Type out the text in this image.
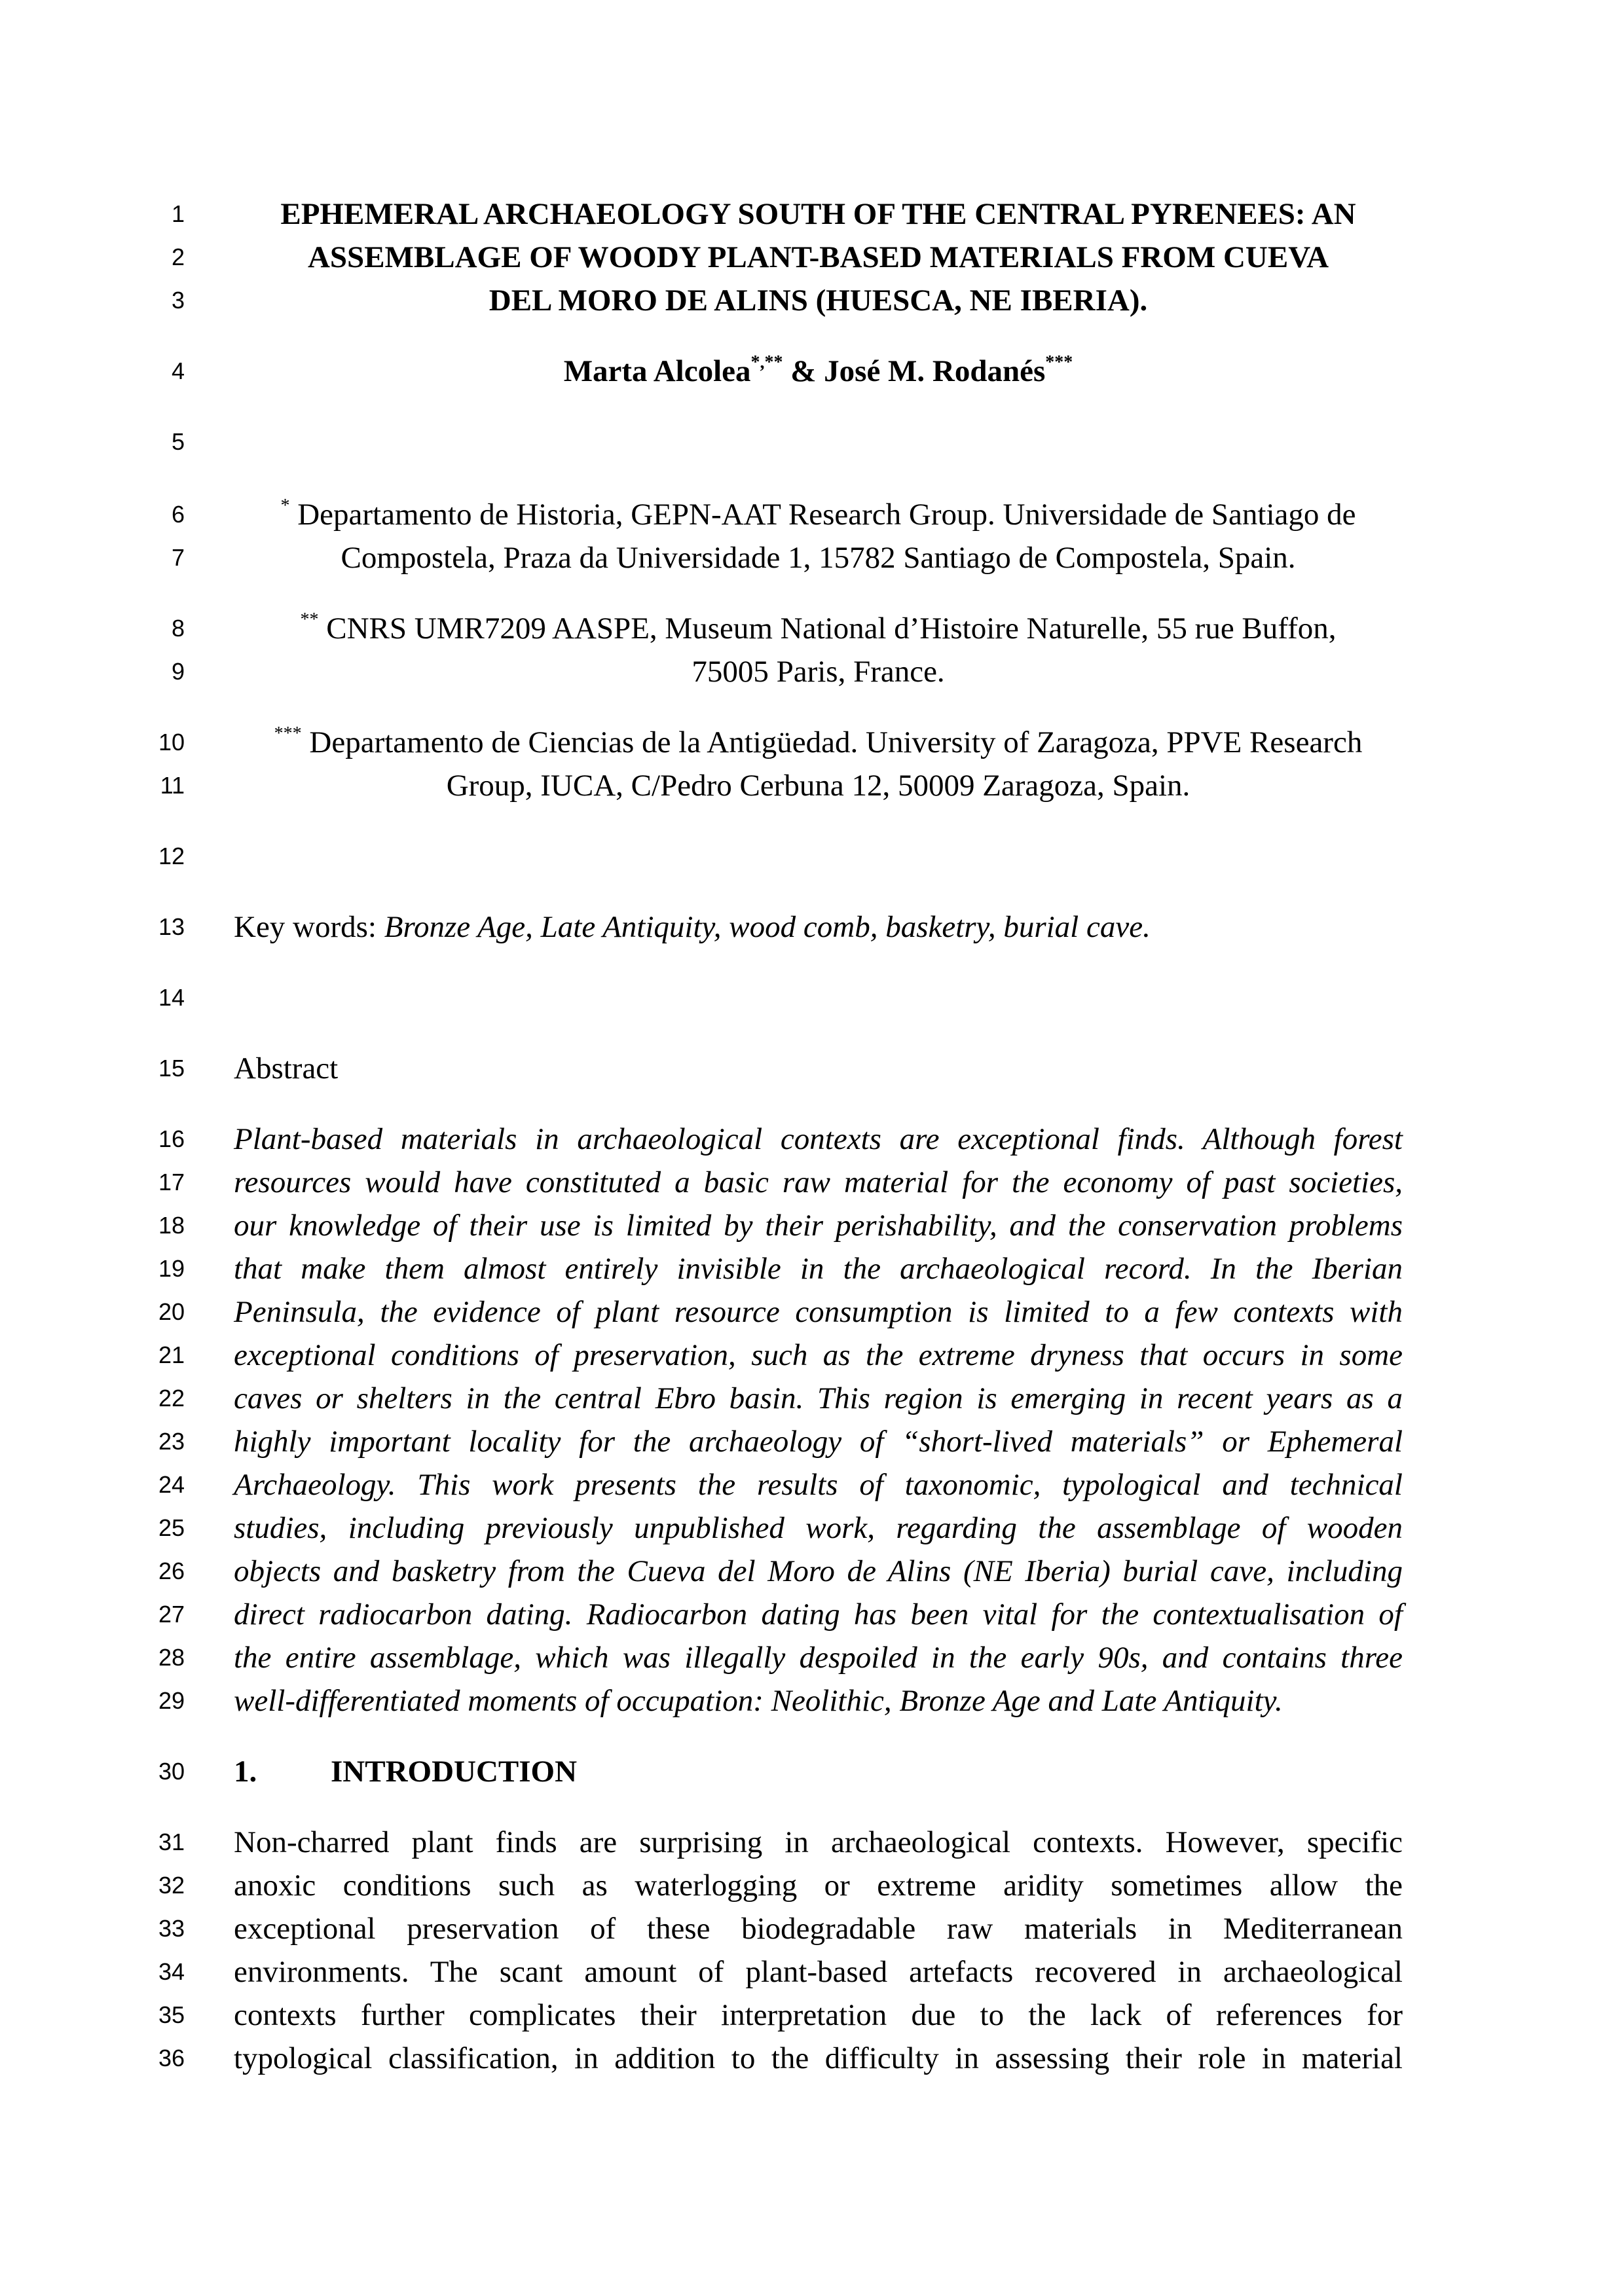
1
2
3
4
5
6
7
8
9
10
11
12
13
14
15
16
17
18
19
20
21
22
23
24
25
26
27
28
29
30
31
32
33
34
35
36
EPHEMERAL ARCHAEOLOGY SOUTH OF THE CENTRAL PYRENEES: AN
ASSEMBLAGE OF WOODY PLANT-BASED MATERIALS FROM CUEVA
DEL MORO DE ALINS (HUESCA, NE IBERIA).
Marta Alcolea*,** & José M. Rodanés***
* Departamento de Historia, GEPN-AAT Research Group. Universidade de Santiago de
Compostela, Praza da Universidade 1, 15782 Santiago de Compostela, Spain.
** CNRS UMR7209 AASPE, Museum National d’Histoire Naturelle, 55 rue Buffon,
75005 Paris, France.
*** Departamento de Ciencias de la Antigüedad. University of Zaragoza, PPVE Research
Group, IUCA, C/Pedro Cerbuna 12, 50009 Zaragoza, Spain.
Key words: Bronze Age, Late Antiquity, wood comb, basketry, burial cave.
Abstract
Plant-based materials in archaeological contexts are exceptional finds. Although forest
resources would have constituted a basic raw material for the economy of past societies,
our knowledge of their use is limited by their perishability, and the conservation problems
that make them almost entirely invisible in the archaeological record. In the Iberian
Peninsula, the evidence of plant resource consumption is limited to a few contexts with
exceptional conditions of preservation, such as the extreme dryness that occurs in some
caves or shelters in the central Ebro basin. This region is emerging in recent years as a
highly important locality for the archaeology of “short-lived materials” or Ephemeral
Archaeology. This work presents the results of taxonomic, typological and technical
studies, including previously unpublished work, regarding the assemblage of wooden
objects and basketry from the Cueva del Moro de Alins (NE Iberia) burial cave, including
direct radiocarbon dating. Radiocarbon dating has been vital for the contextualisation of
the entire assemblage, which was illegally despoiled in the early 90s, and contains three
well-differentiated moments of occupation: Neolithic, Bronze Age and Late Antiquity.
1. INTRODUCTION
Non-charred plant finds are surprising in archaeological contexts. However, specific
anoxic conditions such as waterlogging or extreme aridity sometimes allow the
exceptional preservation of these biodegradable raw materials in Mediterranean
environments. The scant amount of plant-based artefacts recovered in archaeological
contexts further complicates their interpretation due to the lack of references for
typological classification, in addition to the difficulty in assessing their role in material
